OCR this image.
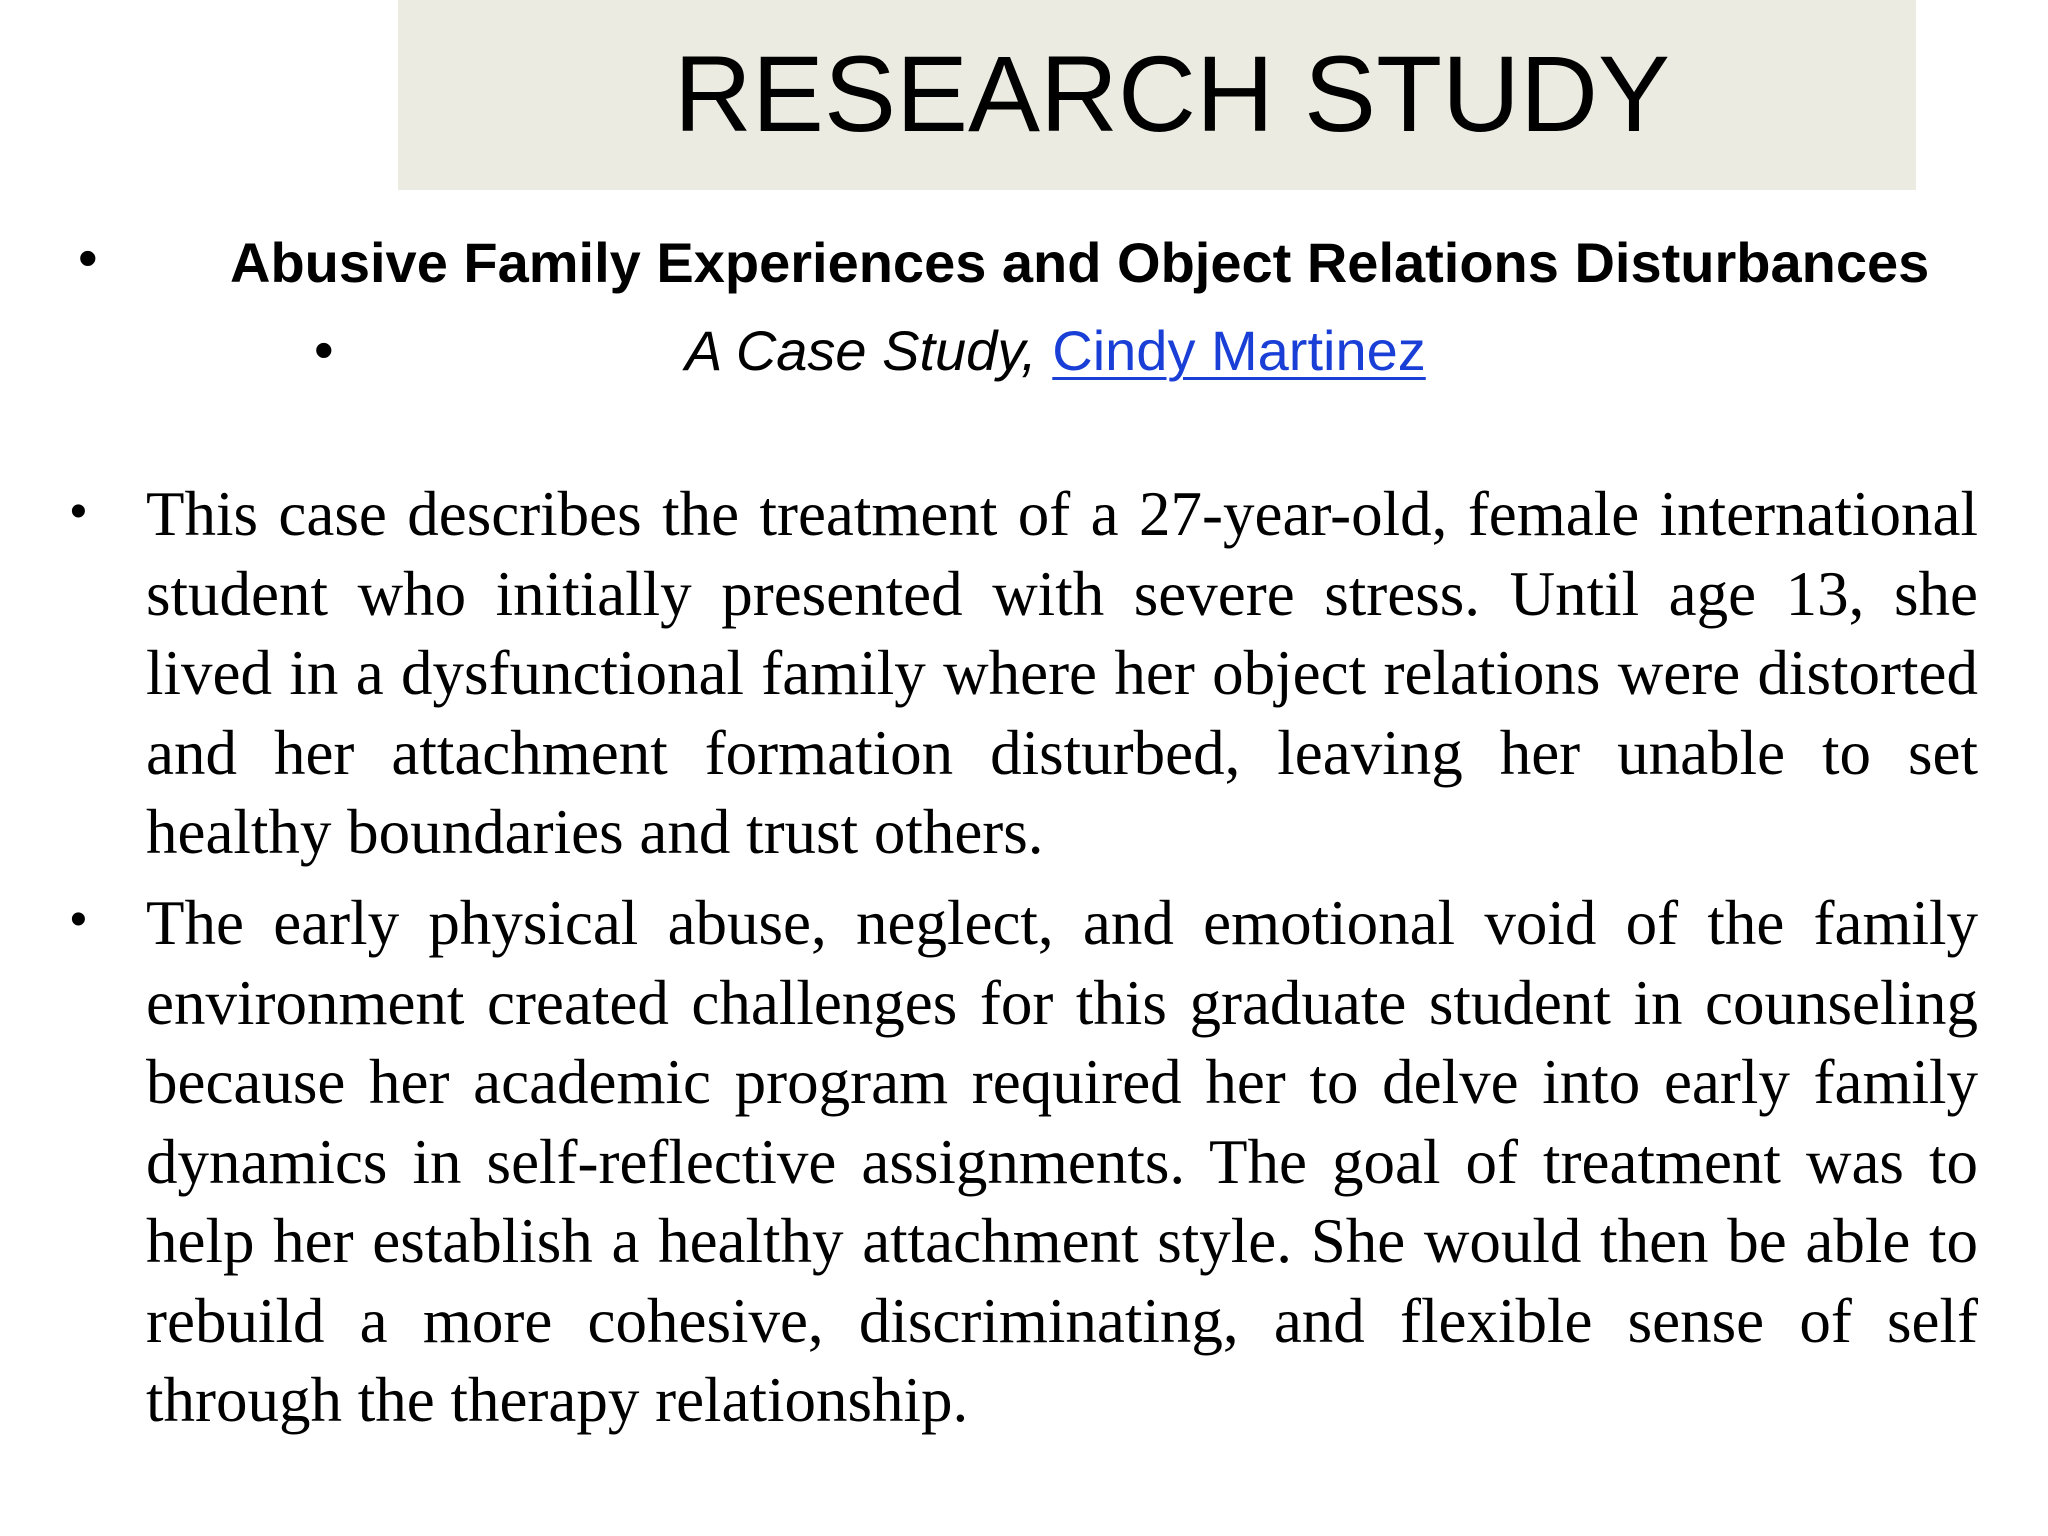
RESEARCH STUDY
• Abusive Family Experiences and Object Relations Disturbances
•	A Case Study, Cindy Martinez
• This case describes the treatment of a 27-year-old, female international student who initially presented with severe stress. Until age 13, she lived in a dysfunctional family where her object relations were distorted and her attachment formation disturbed, leaving her unable to set healthy boundaries and trust others.

• The early physical abuse, neglect, and emotional void of the family environment created challenges for this graduate student in counseling because her academic program required her to delve into early family dynamics in self-reflective assignments. The goal of treatment was to help her establish a healthy attachment style. She would then be able to rebuild a more cohesive, discriminating, and flexible sense of self through the therapy relationship.
